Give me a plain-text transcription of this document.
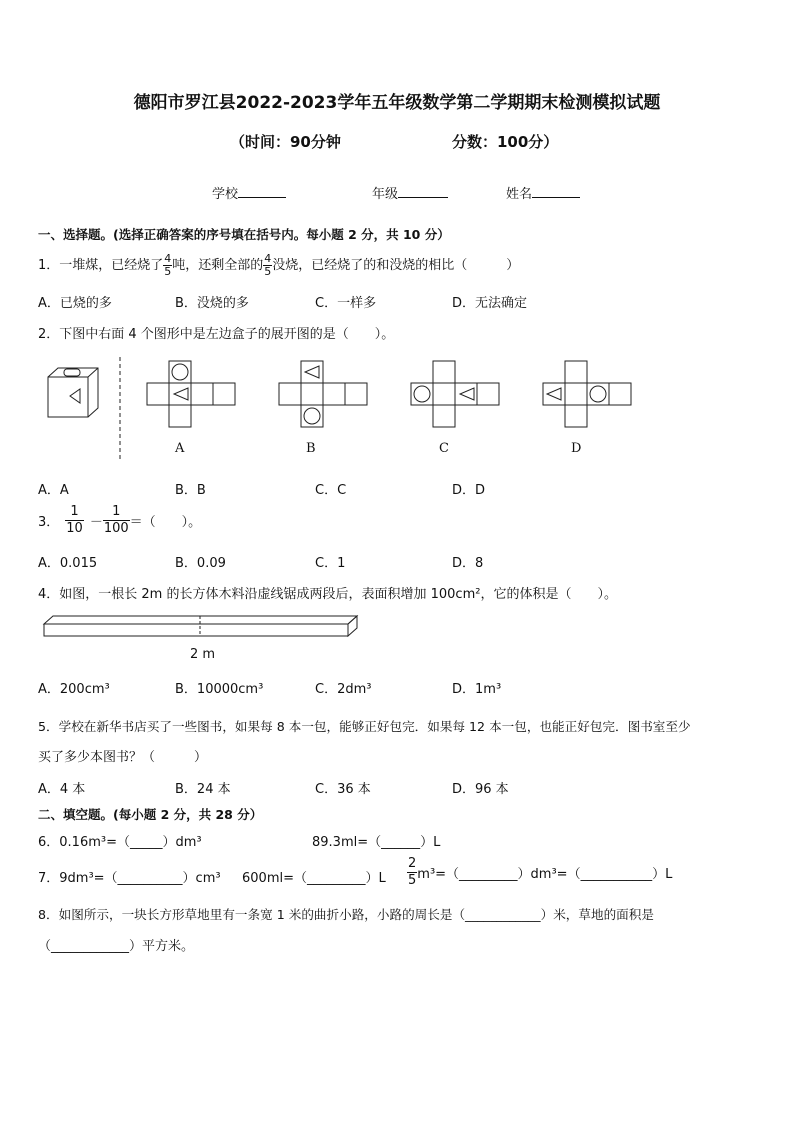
德阳市罗江县2022-2023学年五年级数学第二学期期末检测模拟试题
（时间：90分钟	分数：100分）
学校	年级	姓名
一、选择题。(选择正确答案的序号填在括号内。每小题 2 分，共 10 分）
1．一堆煤，已经烧了 $\frac{4}{5}$ 吨，还剩全部的 $\frac{4}{5}$ 没烧，已经烧了的和没烧的相比（　　　）
A．已烧的多	B．没烧的多	C．一样多	D．无法确定
2．下图中右面 4 个图形中是左边盒子的展开图的是（　　）。
A	B	C	D
A．A	B．B	C．C	D．D
3． $\frac{1}{10} - \frac{1}{100}$ ＝（　　）。
A．0.015	B．0.09	C．1	D．8
4．如图，一根长 2m 的长方体木料沿虚线锯成两段后，表面积增加 100cm²，它的体积是（　　）。
2 m
A．200cm³	B．10000cm³	C．2dm³	D．1m³
5．学校在新华书店买了一些图书，如果每 8 本一包，能够正好包完．如果每 12 本一包，也能正好包完．图书室至少
买了多少本图书？（　　　）
A．4 本	B．24 本	C．36 本	D．96 本
二、填空题。(每小题 2 分，共 28 分）
6．0.16m³=（_____）dm³	89.3ml=（______）L
7．9dm³=（__________）cm³ 600ml=（_________）L $\frac{2}{5}$ m³=（_________）dm³=（___________）L
8．如图所示，一块长方形草地里有一条宽 1 米的曲折小路，小路的周长是（____________）米，草地的面积是
（____________）平方米。
